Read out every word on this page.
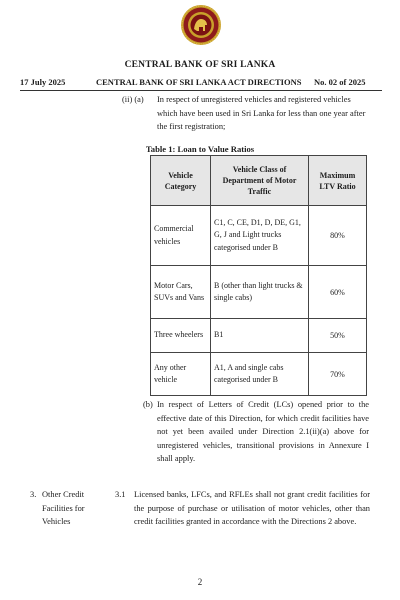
CENTRAL BANK OF SRI LANKA
17 July 2025	CENTRAL BANK OF SRI LANKA ACT DIRECTIONS No. 02 of 2025
(ii) (a) In respect of unregistered vehicles and registered vehicles which have been used in Sri Lanka for less than one year after the first registration;
Table 1: Loan to Value Ratios
Vehicle Category	Vehicle Class of Department of Motor Traffic	Maximum LTV Ratio
Commercial vehicles	C1, C, CE, D1, D, DE, G1, G, J and Light trucks categorised under B	80%
Motor Cars, SUVs and Vans	B (other than light trucks & single cabs)	60%
Three wheelers	B1	50%
Any other vehicle	A1, A and single cabs categorised under B	70%
(b) In respect of Letters of Credit (LCs) opened prior to the effective date of this Direction, for which credit facilities have not yet been availed under Direction 2.1(ii)(a) above for unregistered vehicles, transitional provisions in Annexure I shall apply.
3. Other Credit Facilities for Vehicles
3.1 Licensed banks, LFCs, and RFLEs shall not grant credit facilities for the purpose of purchase or utilisation of motor vehicles, other than credit facilities granted in accordance with the Directions 2 above.
2
